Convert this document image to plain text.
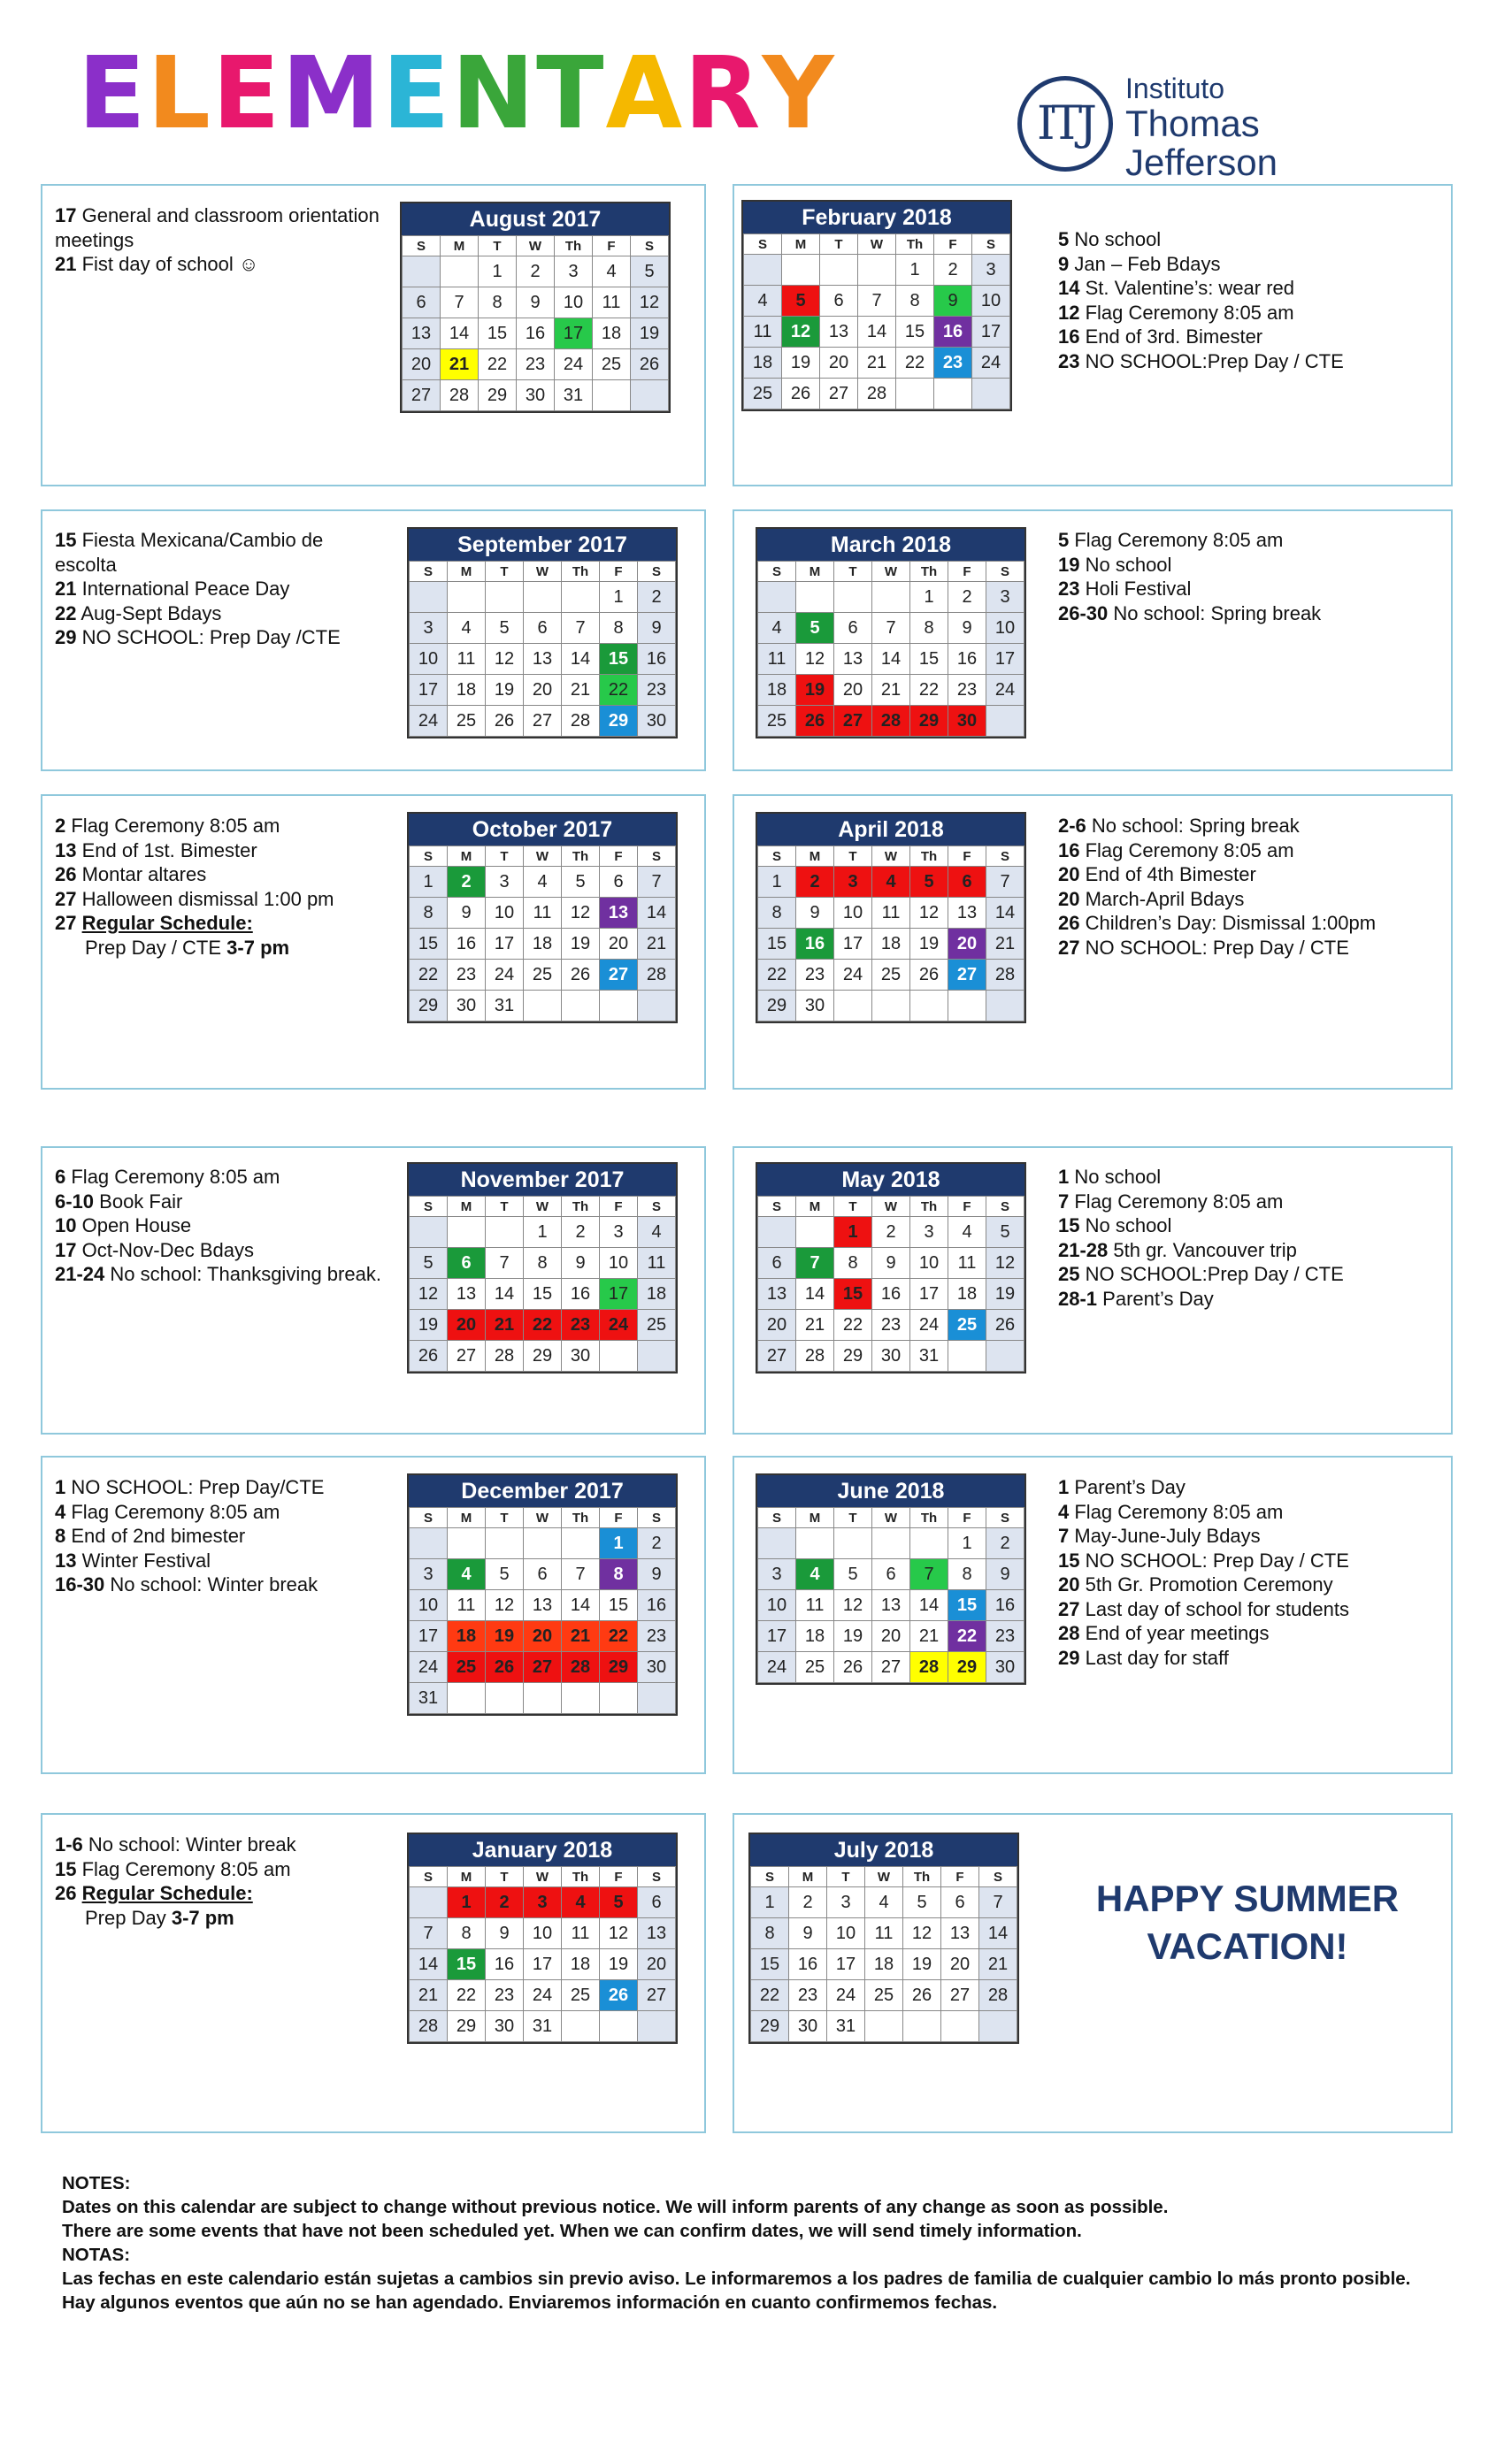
E L E M E N T A R Y	ITJ
Instituto
Thomas Jefferson
17 General and classroom orientation meetings
21 Fist day of school ☺
15 Fiesta Mexicana/Cambio de escolta
21 International Peace Day
22 Aug-Sept Bdays
29 NO SCHOOL: Prep Day /CTE
2 Flag Ceremony 8:05 am
13 End of 1st. Bimester
26 Montar altares
27 Halloween dismissal 1:00 pm
27 Regular Schedule:
Prep Day / CTE 3-7 pm
6 Flag Ceremony 8:05 am
6-10 Book Fair
10 Open House
17 Oct-Nov-Dec Bdays
21-24 No school: Thanksgiving break.
1 NO SCHOOL: Prep Day/CTE
4 Flag Ceremony 8:05 am
8 End of 2nd bimester
13 Winter Festival
16-30 No school: Winter break
1-6 No school: Winter break
15 Flag Ceremony 8:05 am
26 Regular Schedule:
Prep Day 3-7 pm
5 No school
9 Jan – Feb Bdays
14 St. Valentine’s: wear red
12 Flag Ceremony 8:05 am
16 End of 3rd. Bimester
23 NO SCHOOL:Prep Day / CTE
5 Flag Ceremony 8:05 am
19 No school
23 Holi Festival
26-30 No school: Spring break
2-6 No school: Spring break
16 Flag Ceremony 8:05 am
20 End of 4th Bimester
20 March-April Bdays
26 Children’s Day: Dismissal 1:00pm
27 NO SCHOOL: Prep Day / CTE
1 No school
7 Flag Ceremony 8:05 am
15 No school
21-28 5th gr. Vancouver trip
25 NO SCHOOL:Prep Day / CTE
28-1 Parent’s Day
1 Parent’s Day
4 Flag Ceremony 8:05 am
7 May-June-July Bdays
15 NO SCHOOL: Prep Day / CTE
20 5th Gr. Promotion Ceremony
27 Last day of school for students
28 End of year meetings
29 Last day for staff
August 2017
S	M	T	W	Th	F	S
		1	2	3	4	5
6	7	8	9	10	11	12
13	14	15	16	17	18	19
20	21	22	23	24	25	26
27	28	29	30	31		
February 2018
S	M	T	W	Th	F	S
				1	2	3
4	5	6	7	8	9	10
11	12	13	14	15	16	17
18	19	20	21	22	23	24
25	26	27	28			
September 2017
S	M	T	W	Th	F	S
					1	2
3	4	5	6	7	8	9
10	11	12	13	14	15	16
17	18	19	20	21	22	23
24	25	26	27	28	29	30
March 2018
S	M	T	W	Th	F	S
				1	2	3
4	5	6	7	8	9	10
11	12	13	14	15	16	17
18	19	20	21	22	23	24
25	26	27	28	29	30	
October 2017
S	M	T	W	Th	F	S
1	2	3	4	5	6	7
8	9	10	11	12	13	14
15	16	17	18	19	20	21
22	23	24	25	26	27	28
29	30	31				
April 2018
S	M	T	W	Th	F	S
1	2	3	4	5	6	7
8	9	10	11	12	13	14
15	16	17	18	19	20	21
22	23	24	25	26	27	28
29	30					
November 2017
S	M	T	W	Th	F	S
			1	2	3	4
5	6	7	8	9	10	11
12	13	14	15	16	17	18
19	20	21	22	23	24	25
26	27	28	29	30		
May 2018
S	M	T	W	Th	F	S
		1	2	3	4	5
6	7	8	9	10	11	12
13	14	15	16	17	18	19
20	21	22	23	24	25	26
27	28	29	30	31		
December 2017
S	M	T	W	Th	F	S
					1	2
3	4	5	6	7	8	9
10	11	12	13	14	15	16
17	18	19	20	21	22	23
24	25	26	27	28	29	30
31						
June 2018
S	M	T	W	Th	F	S
					1	2
3	4	5	6	7	8	9
10	11	12	13	14	15	16
17	18	19	20	21	22	23
24	25	26	27	28	29	30
January 2018
S	M	T	W	Th	F	S
	1	2	3	4	5	6
7	8	9	10	11	12	13
14	15	16	17	18	19	20
21	22	23	24	25	26	27
28	29	30	31			
July 2018
S	M	T	W	Th	F	S
1	2	3	4	5	6	7
8	9	10	11	12	13	14
15	16	17	18	19	20	21
22	23	24	25	26	27	28
29	30	31				
HAPPY SUMMER
VACATION!
NOTES:
Dates on this calendar are subject to change without previous notice. We will inform parents of any change as soon as possible.
There are some events that have not been scheduled yet. When we can confirm dates, we will send timely information.
NOTAS:
Las fechas en este calendario están sujetas a cambios sin previo aviso. Le informaremos a los padres de familia de cualquier cambio lo más pronto posible.
Hay algunos eventos que aún no se han agendado. Enviaremos información en cuanto confirmemos fechas.
